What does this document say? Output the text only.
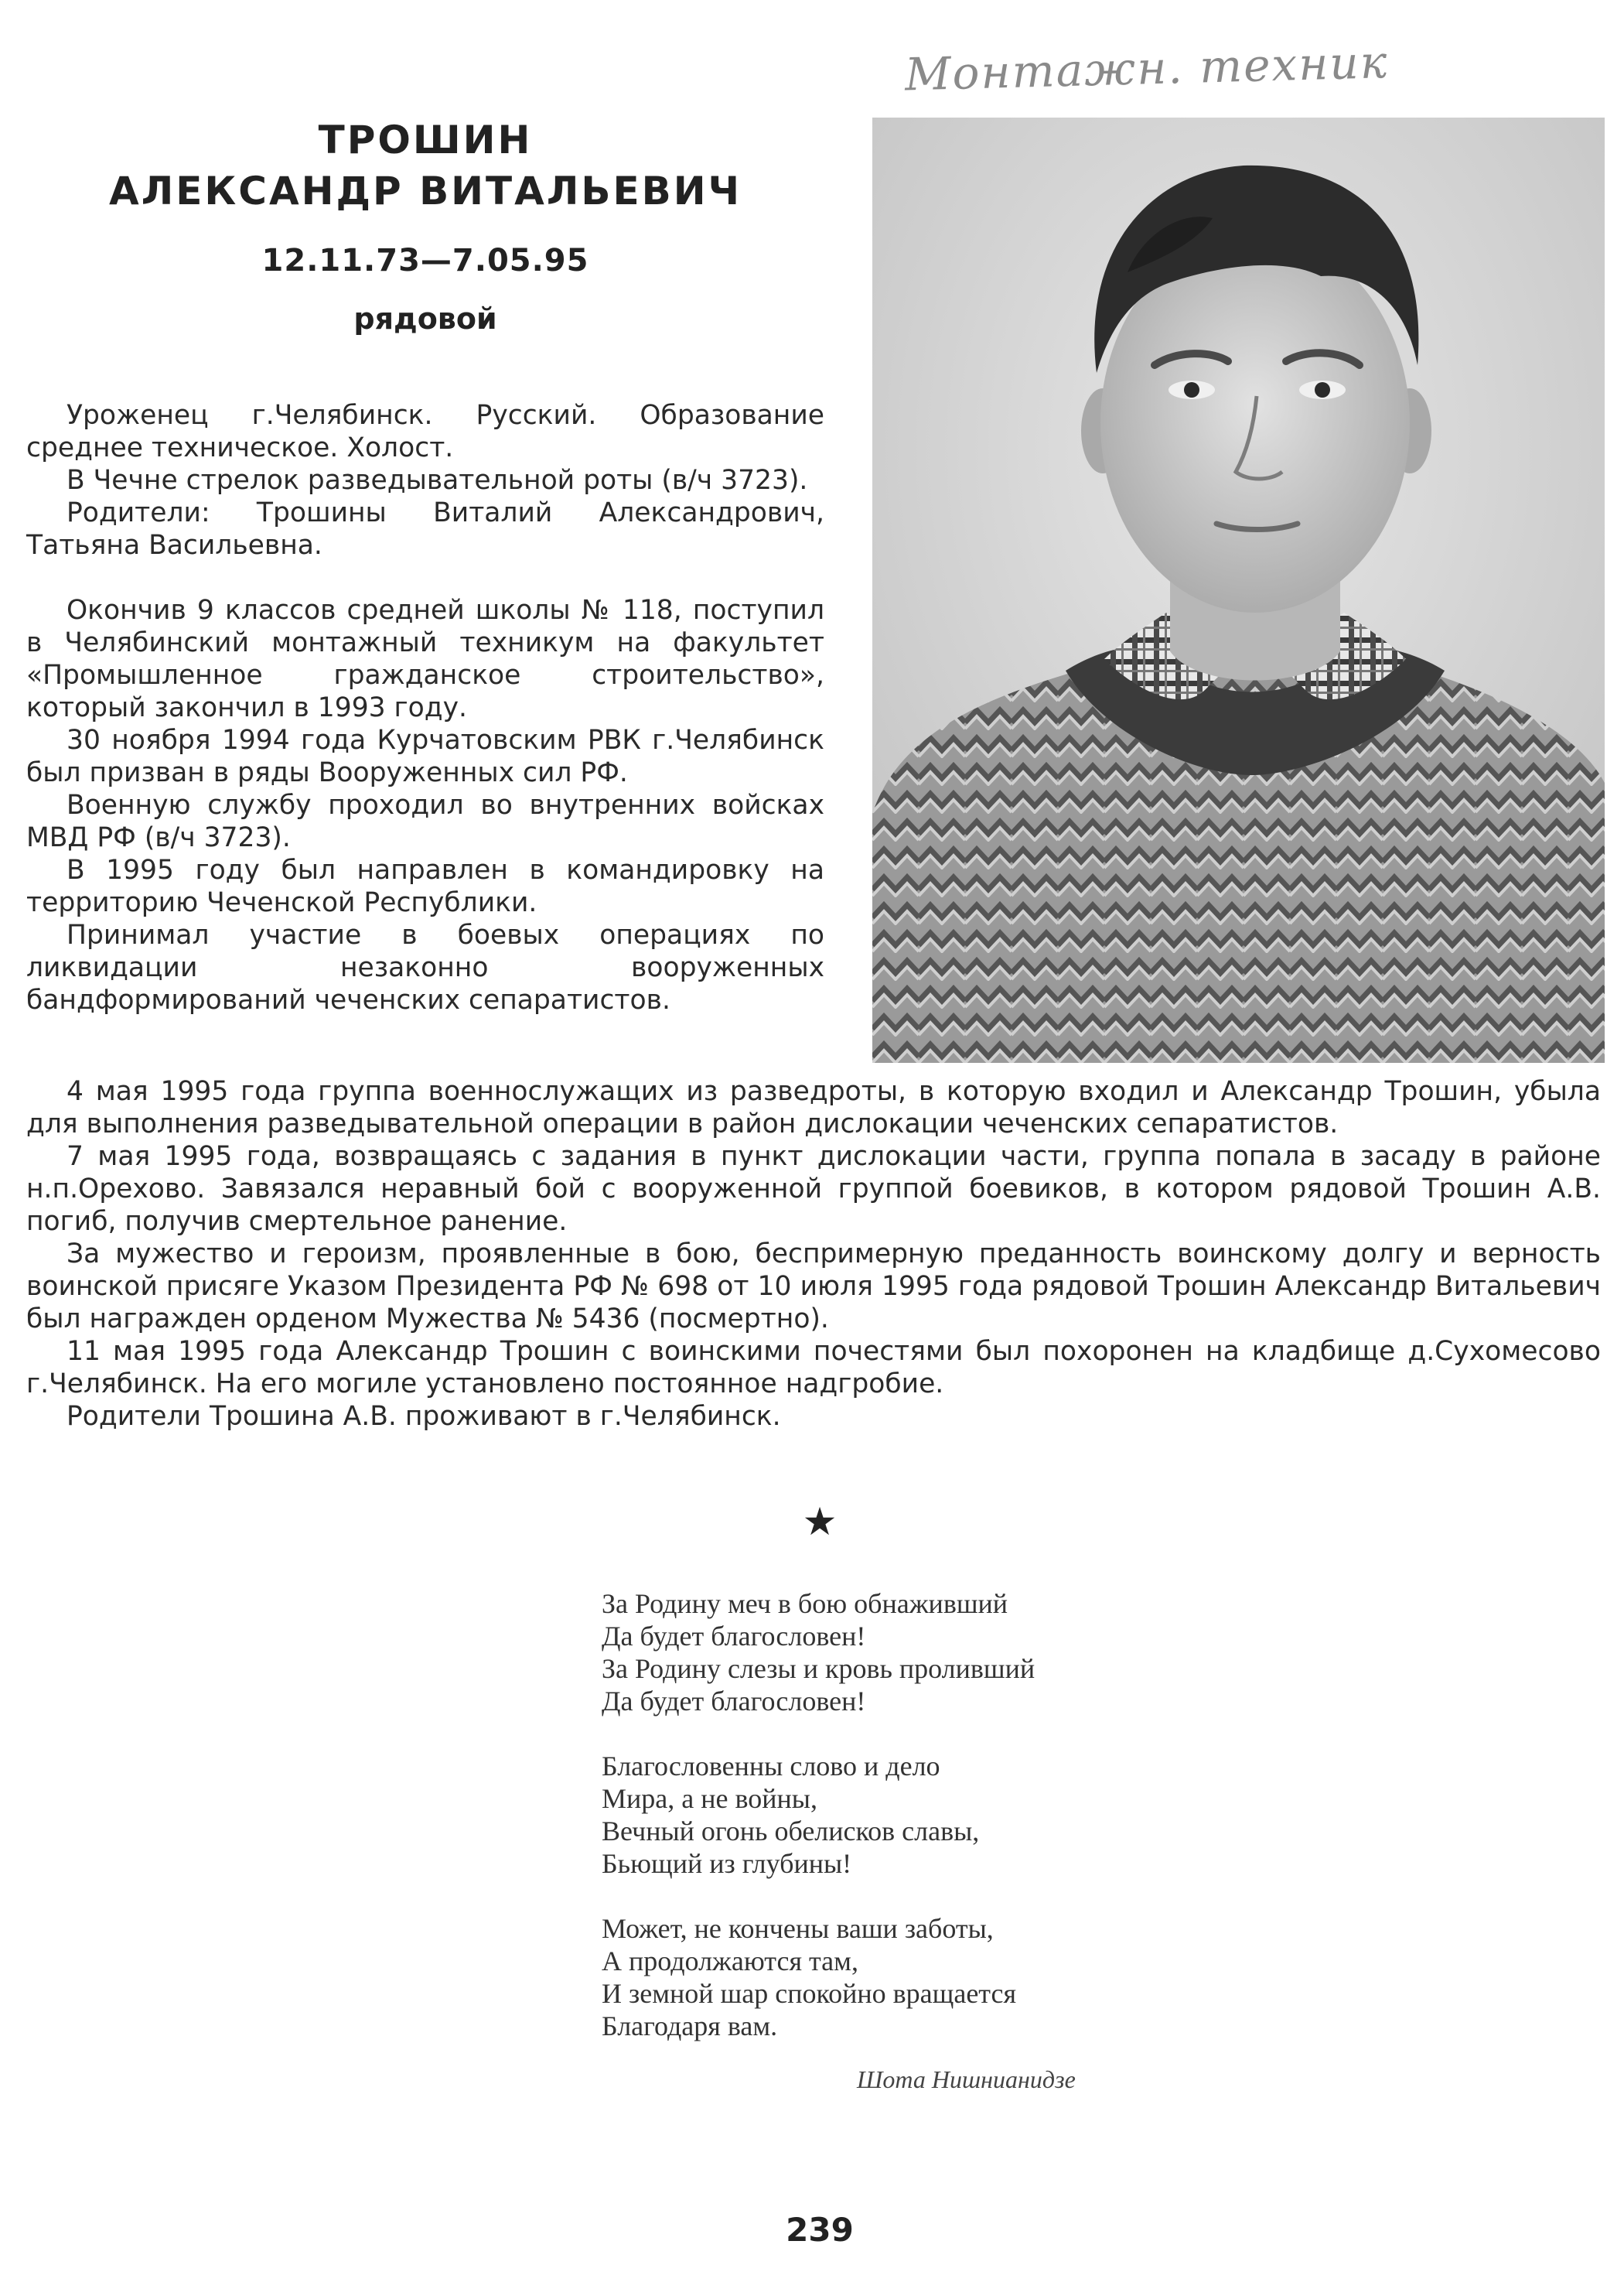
Монтажн. техник
ТРОШИН
АЛЕКСАНДР ВИТАЛЬЕВИЧ
12.11.73—7.05.95
рядовой

Уроженец г.Челябинск. Русский. Образование среднее техническое. Холост.

В Чечне стрелок разведывательной роты (в/ч 3723).

Родители: Трошины Виталий Александрович, Татьяна Васильевна.

Окончив 9 классов средней школы № 118, поступил в Челябинский монтажный техникум на факультет «Промышленное гражданское строительство», который закончил в 1993 году.

30 ноября 1994 года Курчатовским РВК г.Челябинск был призван в ряды Вооруженных сил РФ.

Военную службу проходил во внутренних войсках МВД РФ (в/ч 3723).

В 1995 году был направлен в командировку на территорию Чеченской Республики.

Принимал участие в боевых операциях по ликвидации незаконно вооруженных бандформирований чеченских сепаратистов.

4 мая 1995 года группа военнослужащих из разведроты, в которую входил и Александр Трошин, убыла для выполнения разведывательной операции в район дислокации чеченских сепаратистов.

7 мая 1995 года, возвращаясь с задания в пункт дислокации части, группа попала в засаду в районе н.п.Орехово. Завязался неравный бой с вооруженной группой боевиков, в котором рядовой Трошин А.В. погиб, получив смертельное ранение.

За мужество и героизм, проявленные в бою, беспримерную преданность воинскому долгу и верность воинской присяге Указом Президента РФ № 698 от 10 июля 1995 года рядовой Трошин Александр Витальевич был награжден орденом Мужества № 5436 (посмертно).

11 мая 1995 года Александр Трошин с воинскими почестями был похоронен на кладбище д.Сухомесово г.Челябинск. На его могиле установлено постоянное надгробие.

Родители Трошина А.В. проживают в г.Челябинск.

★
За Родину меч в бою обнаживший
Да будет благословен!
За Родину слезы и кровь проливший
Да будет благословен!
Благословенны слово и дело
Мира, а не войны,
Вечный огонь обелисков славы,
Бьющий из глубины!
Может, не кончены ваши заботы,
А продолжаются там,
И земной шар спокойно вращается
Благодаря вам.
Шота Нишнианидзе
239
